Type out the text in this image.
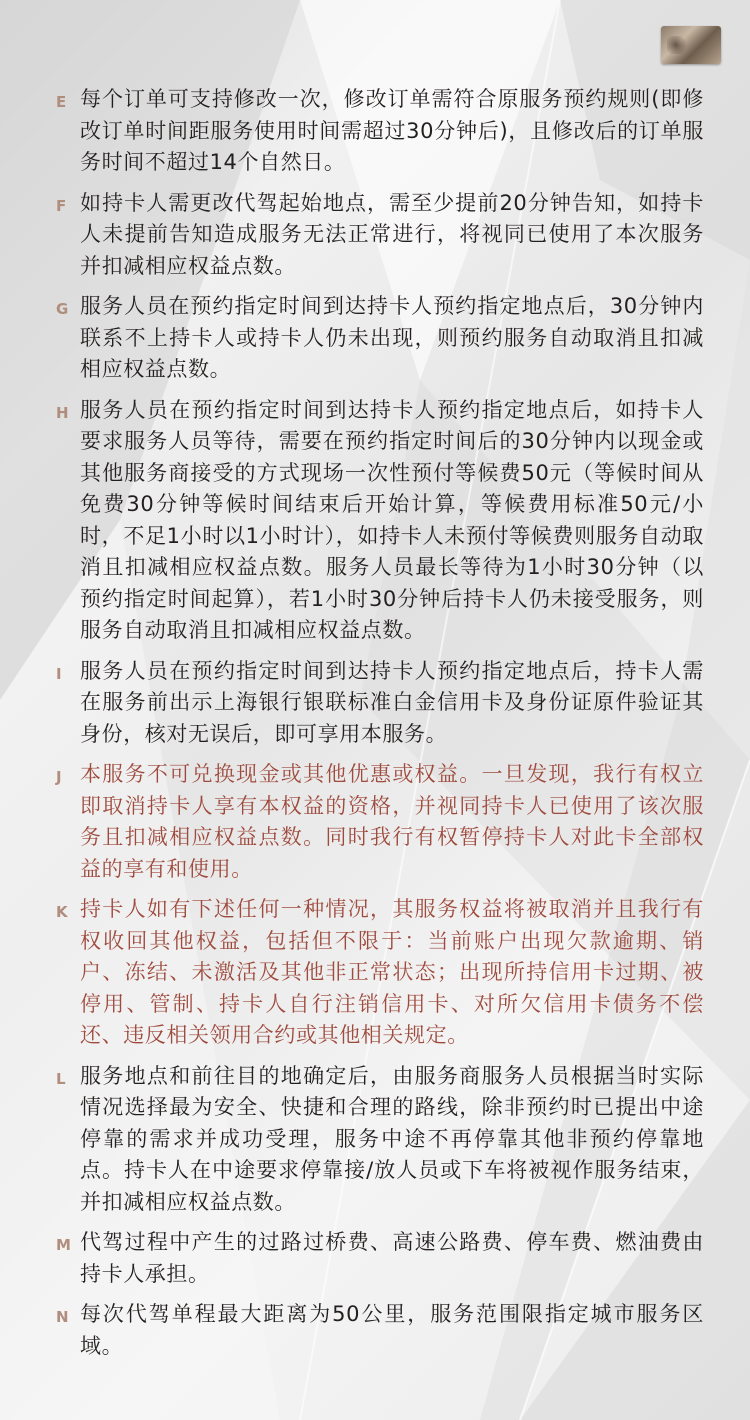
E 每个订单可支持修改一次，修改订单需符合原服务预约规则(即修改订单时间距服务使用时间需超过30分钟后)，且修改后的订单服务时间不超过14个自然日。
F 如持卡人需更改代驾起始地点，需至少提前20分钟告知，如持卡人未提前告知造成服务无法正常进行，将视同已使用了本次服务并扣减相应权益点数。
G 服务人员在预约指定时间到达持卡人预约指定地点后，30分钟内联系不上持卡人或持卡人仍未出现，则预约服务自动取消且扣减相应权益点数。
H 服务人员在预约指定时间到达持卡人预约指定地点后，如持卡人要求服务人员等待，需要在预约指定时间后的30分钟内以现金或其他服务商接受的方式现场一次性预付等候费50元（等候时间从免费30分钟等候时间结束后开始计算，等候费用标准50元/小时，不足1小时以1小时计），如持卡人未预付等候费则服务自动取消且扣减相应权益点数。服务人员最长等待为1小时30分钟（以预约指定时间起算），若1小时30分钟后持卡人仍未接受服务，则服务自动取消且扣减相应权益点数。
I 服务人员在预约指定时间到达持卡人预约指定地点后，持卡人需在服务前出示上海银行银联标准白金信用卡及身份证原件验证其身份，核对无误后，即可享用本服务。
J 本服务不可兑换现金或其他优惠或权益。一旦发现，我行有权立即取消持卡人享有本权益的资格，并视同持卡人已使用了该次服务且扣减相应权益点数。同时我行有权暂停持卡人对此卡全部权益的享有和使用。
K 持卡人如有下述任何一种情况，其服务权益将被取消并且我行有权收回其他权益，包括但不限于：当前账户出现欠款逾期、销户、冻结、未激活及其他非正常状态；出现所持信用卡过期、被停用、管制、持卡人自行注销信用卡、对所欠信用卡债务不偿还、违反相关领用合约或其他相关规定。
L 服务地点和前往目的地确定后，由服务商服务人员根据当时实际情况选择最为安全、快捷和合理的路线，除非预约时已提出中途停靠的需求并成功受理，服务中途不再停靠其他非预约停靠地点。持卡人在中途要求停靠接/放人员或下车将被视作服务结束，并扣减相应权益点数。
M 代驾过程中产生的过路过桥费、高速公路费、停车费、燃油费由持卡人承担。
N 每次代驾单程最大距离为50公里，服务范围限指定城市服务区域。
